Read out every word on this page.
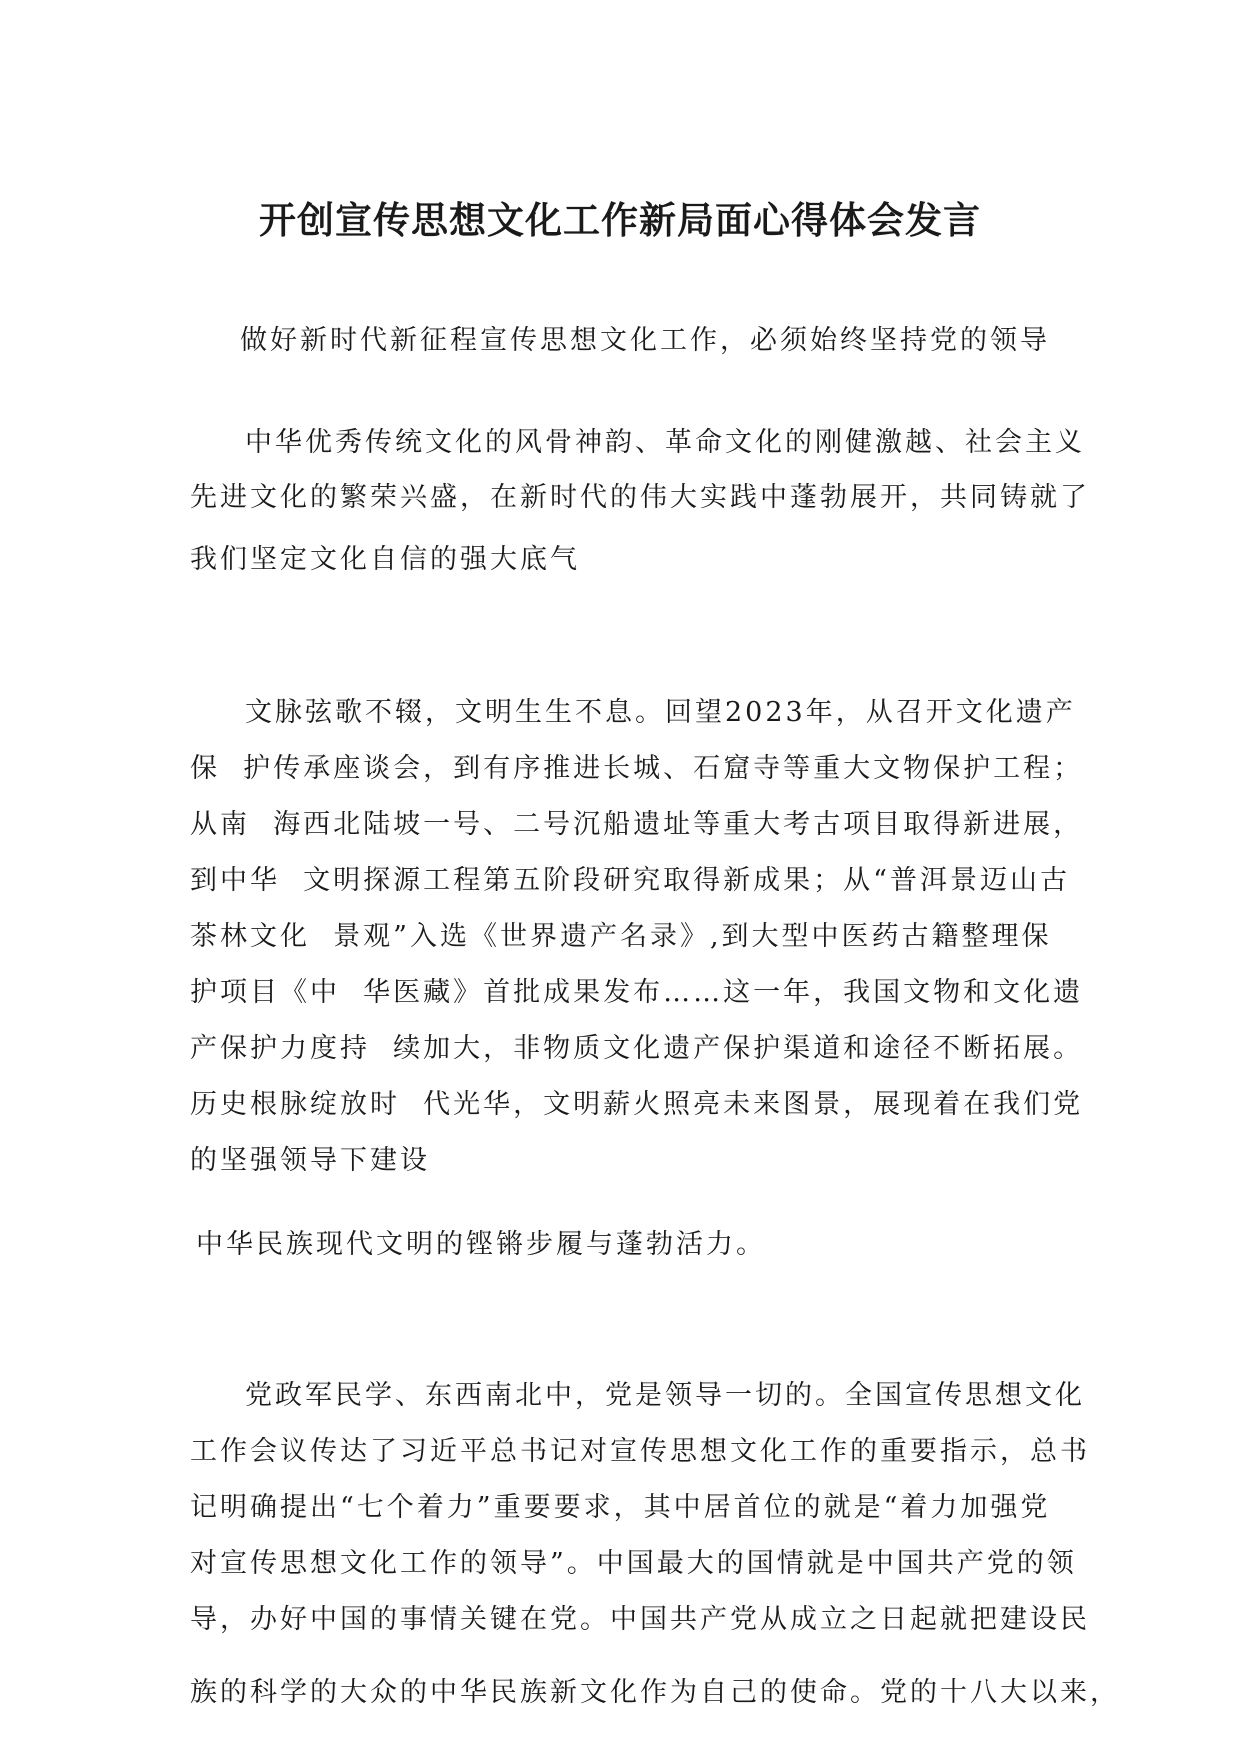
开创宣传思想文化工作新局面心得体会发言

做好新时代新征程宣传思想文化工作，必须始终坚持党的领导

中华优秀传统文化的风骨神韵、革命文化的刚健激越、社会主义

先进文化的繁荣兴盛，在新时代的伟大实践中蓬勃展开，共同铸就了

我们坚定文化自信的强大底气

文脉弦歌不辍，文明生生不息。回望2023年，从召开文化遗产

保  护传承座谈会，到有序推进长城、石窟寺等重大文物保护工程；

从南  海西北陆坡一号、二号沉船遗址等重大考古项目取得新进展，

到中华  文明探源工程第五阶段研究取得新成果；从“普洱景迈山古

茶林文化  景观”入选《世界遗产名录》,到大型中医药古籍整理保

护项目《中  华医藏》首批成果发布……这一年，我国文物和文化遗

产保护力度持  续加大，非物质文化遗产保护渠道和途径不断拓展。

历史根脉绽放时  代光华，文明薪火照亮未来图景，展现着在我们党

的坚强领导下建设

中华民族现代文明的铿锵步履与蓬勃活力。

党政军民学、东西南北中，党是领导一切的。全国宣传思想文化

工作会议传达了习近平总书记对宣传思想文化工作的重要指示，总书

记明确提出“七个着力”重要要求，其中居首位的就是“着力加强党

对宣传思想文化工作的领导”。中国最大的国情就是中国共产党的领

导，办好中国的事情关键在党。中国共产党从成立之日起就把建设民

族的科学的大众的中华民族新文化作为自己的使命。党的十八大以来，
